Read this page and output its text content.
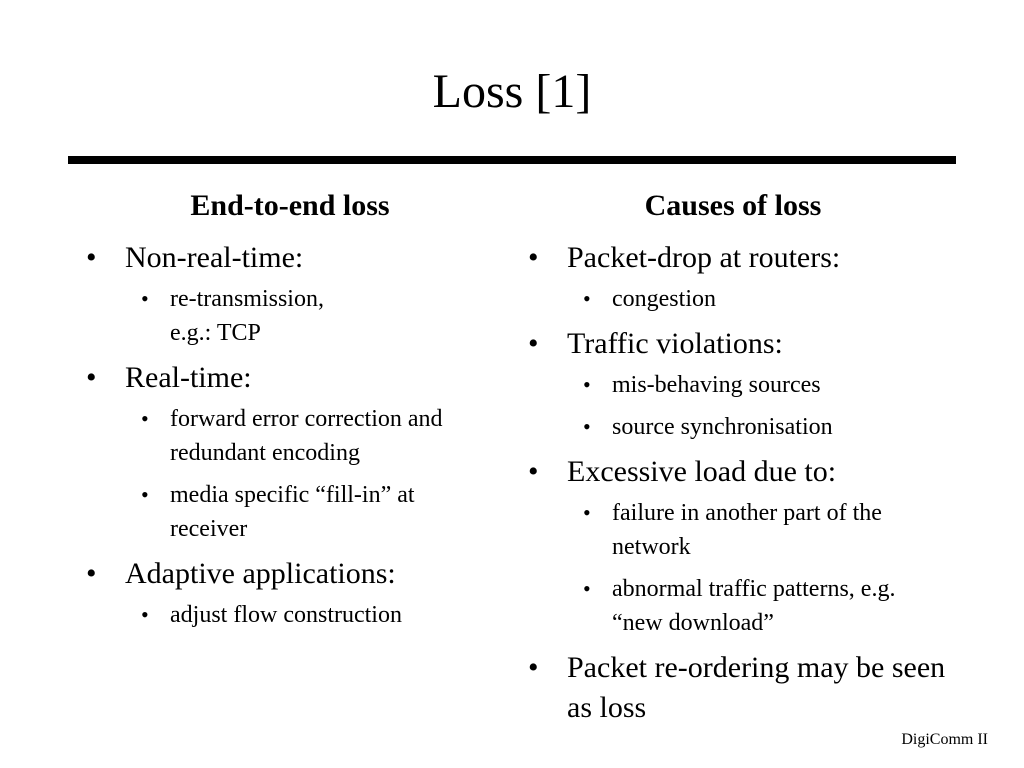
Loss [1]
End-to-end loss
• Non-real-time:
• re-transmission, e.g.: TCP
• Real-time:
• forward error correction and redundant encoding
• media specific “fill-in” at receiver
• Adaptive applications:
• adjust flow construction
Causes of loss
• Packet-drop at routers:
• congestion
• Traffic violations:
• mis-behaving sources
• source synchronisation
• Excessive load due to:
• failure in another part of the network
• abnormal traffic patterns, e.g. “new download”
• Packet re-ordering may be seen as loss
DigiComm II
